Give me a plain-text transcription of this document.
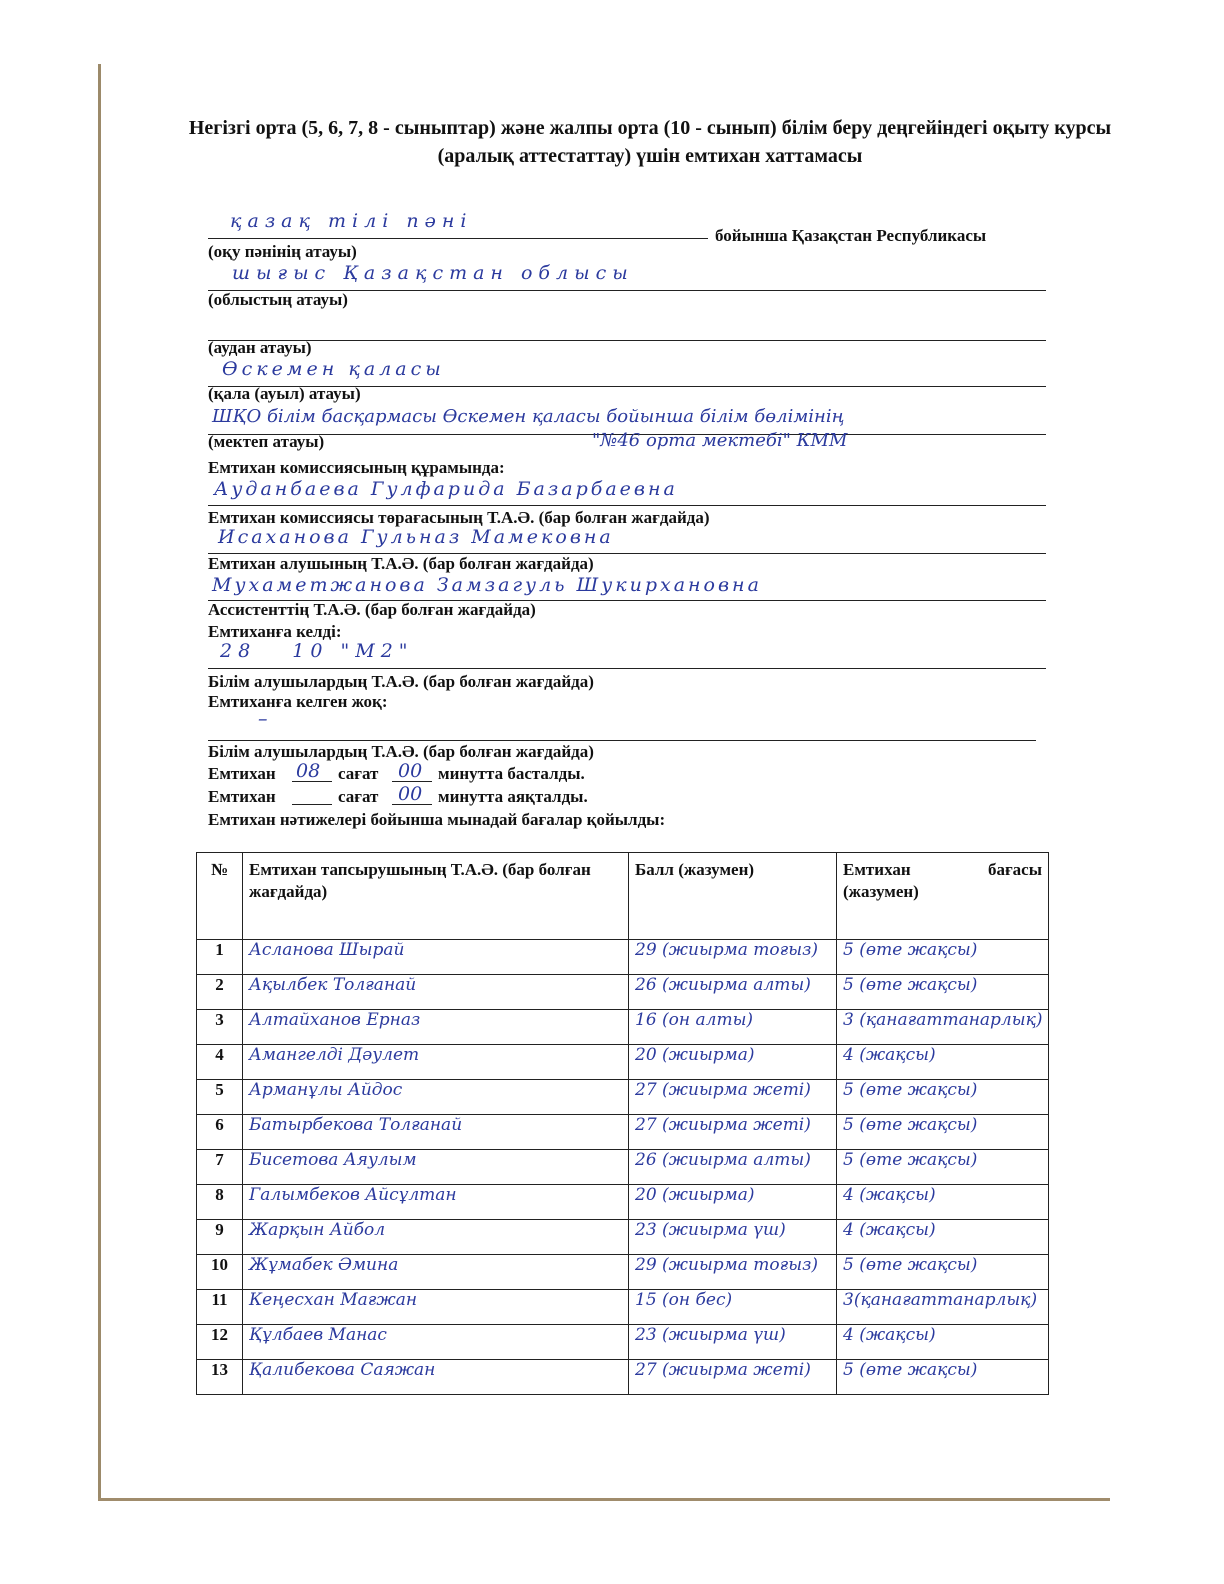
Негізгі орта (5, 6, 7, 8 - сыныптар) және жалпы орта (10 - сынып) білім беру деңгейіндегі оқыту курсы (аралық аттестаттау) үшін емтихан хаттамасы
қазақ тілі пәні
бойынша Қазақстан Республикасы
(оқу пәнінің атауы)
шығыс Қазақстан облысы
(облыстың атауы)
(аудан атауы)
Өскемен қаласы
(қала (ауыл) атауы)
ШҚО білім басқармасы Өскемен қаласы бойынша білім бөлімінің
(мектеп атауы)	"№46 орта мектебі" КММ
Емтихан комиссиясының құрамында:
Ауданбаева Гулфарида Базарбаевна
Емтихан комиссиясы төрағасының Т.А.Ә. (бар болған жағдайда)
Исаханова Гульназ Мамековна
Емтихан алушының Т.А.Ә. (бар болған жағдайда)
Мухаметжанова Замзагуль Шукирхановна
Ассистенттің Т.А.Ә. (бар болған жағдайда)
Емтиханға келді:
28   10 "М2"
Білім алушылардың Т.А.Ә. (бар болған жағдайда)
Емтиханға келген жоқ:
–
Білім алушылардың Т.А.Ә. (бар болған жағдайда)
Емтихан 08 сағат 00 минутта басталды.
Емтихан	сағат 00 минутта аяқталды.
Емтихан нәтижелері бойынша мынадай бағалар қойылды:
№	Емтихан тапсырушының Т.А.Ә. (бар болған жағдайда)	Балл (жазумен)	Емтихан бағасы
(жазумен)

1	Асланова Шырай	29 (жиырма тоғыз)	5 (өте жақсы)
2	Ақылбек Толғанай	26 (жиырма алты)	5 (өте жақсы)
3	Алтайханов Ерназ	16 (он алты)	3 (қанағаттанарлық)
4	Амангелді Дәулет	20 (жиырма)	4 (жақсы)
5	Арманұлы Айдос	27 (жиырма жеті)	5 (өте жақсы)
6	Батырбекова Толғанай	27 (жиырма жеті)	5 (өте жақсы)
7	Бисетова Аяулым	26 (жиырма алты)	5 (өте жақсы)
8	Галымбеков Айсұлтан	20 (жиырма)	4 (жақсы)
9	Жарқын Айбол	23 (жиырма үш)	4 (жақсы)
10	Жұмабек Әмина	29 (жиырма тоғыз)	5 (өте жақсы)
11	Кеңесхан Мағжан	15 (он бес)	3(қанағаттанарлық)
12	Құлбаев Манас	23 (жиырма үш)	4 (жақсы)
13	Қалибекова Саяжан	27 (жиырма жеті)	5 (өте жақсы)
